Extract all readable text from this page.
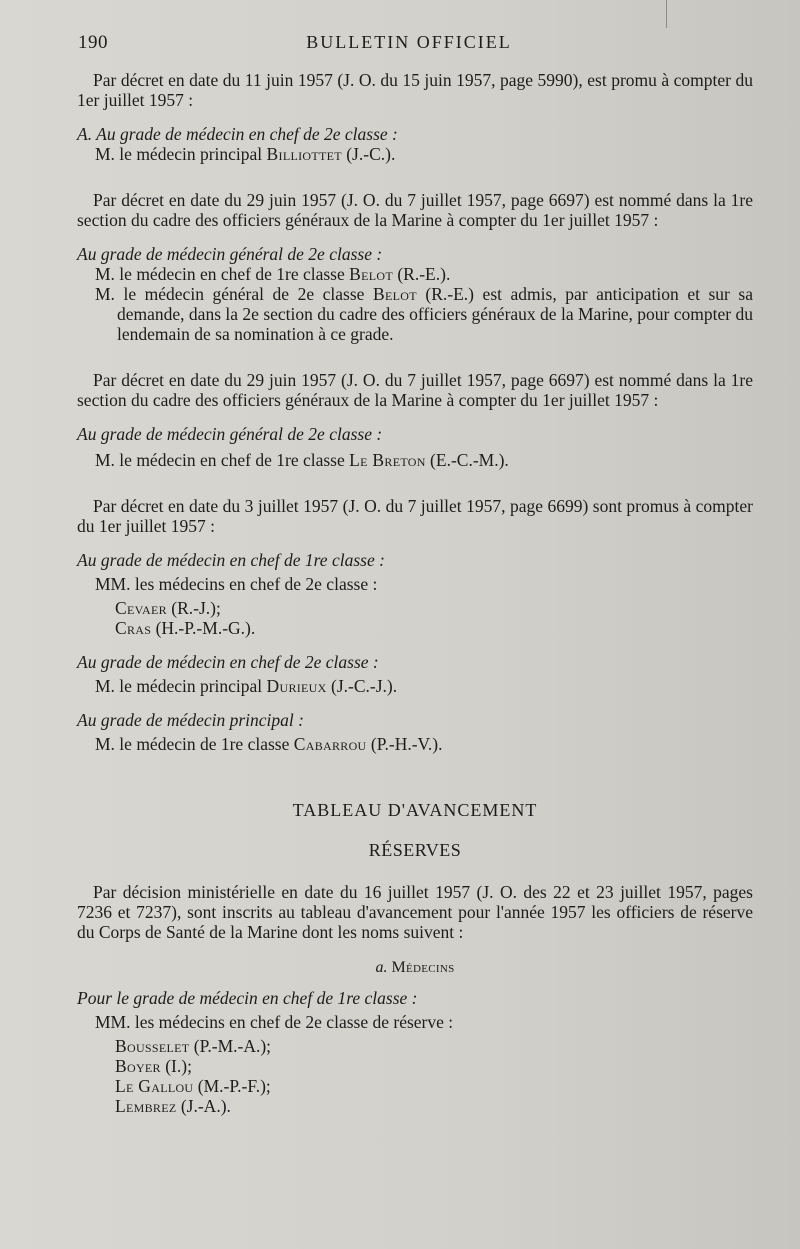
190	BULLETIN OFFICIEL

Par décret en date du 11 juin 1957 (J. O. du 15 juin 1957, page 5990), est promu à compter du 1er juillet 1957 :

A. Au grade de médecin en chef de 2e classe :

M. le médecin principal Billiottet (J.-C.).

Par décret en date du 29 juin 1957 (J. O. du 7 juillet 1957, page 6697) est nommé dans la 1re section du cadre des officiers généraux de la Marine à compter du 1er juillet 1957 :

Au grade de médecin général de 2e classe :

M. le médecin en chef de 1re classe Belot (R.-E.).

M. le médecin général de 2e classe Belot (R.-E.) est admis, par anticipation et sur sa demande, dans la 2e section du cadre des officiers généraux de la Marine, pour compter du lendemain de sa nomination à ce grade.

Par décret en date du 29 juin 1957 (J. O. du 7 juillet 1957, page 6697) est nommé dans la 1re section du cadre des officiers généraux de la Marine à compter du 1er juillet 1957 :

Au grade de médecin général de 2e classe :

M. le médecin en chef de 1re classe Le Breton (E.-C.-M.).

Par décret en date du 3 juillet 1957 (J. O. du 7 juillet 1957, page 6699) sont promus à compter du 1er juillet 1957 :

Au grade de médecin en chef de 1re classe :

MM. les médecins en chef de 2e classe :

Cevaer (R.-J.);

Cras (H.-P.-M.-G.).

Au grade de médecin en chef de 2e classe :

M. le médecin principal Durieux (J.-C.-J.).

Au grade de médecin principal :

M. le médecin de 1re classe Cabarrou (P.-H.-V.).

TABLEAU D'AVANCEMENT

RÉSERVES

Par décision ministérielle en date du 16 juillet 1957 (J. O. des 22 et 23 juillet 1957, pages 7236 et 7237), sont inscrits au tableau d'avancement pour l'année 1957 les officiers de réserve du Corps de Santé de la Marine dont les noms suivent :

a. Médecins

Pour le grade de médecin en chef de 1re classe :

MM. les médecins en chef de 2e classe de réserve :

Bousselet (P.-M.-A.);

Boyer (I.);

Le Gallou (M.-P.-F.);

Lembrez (J.-A.).
